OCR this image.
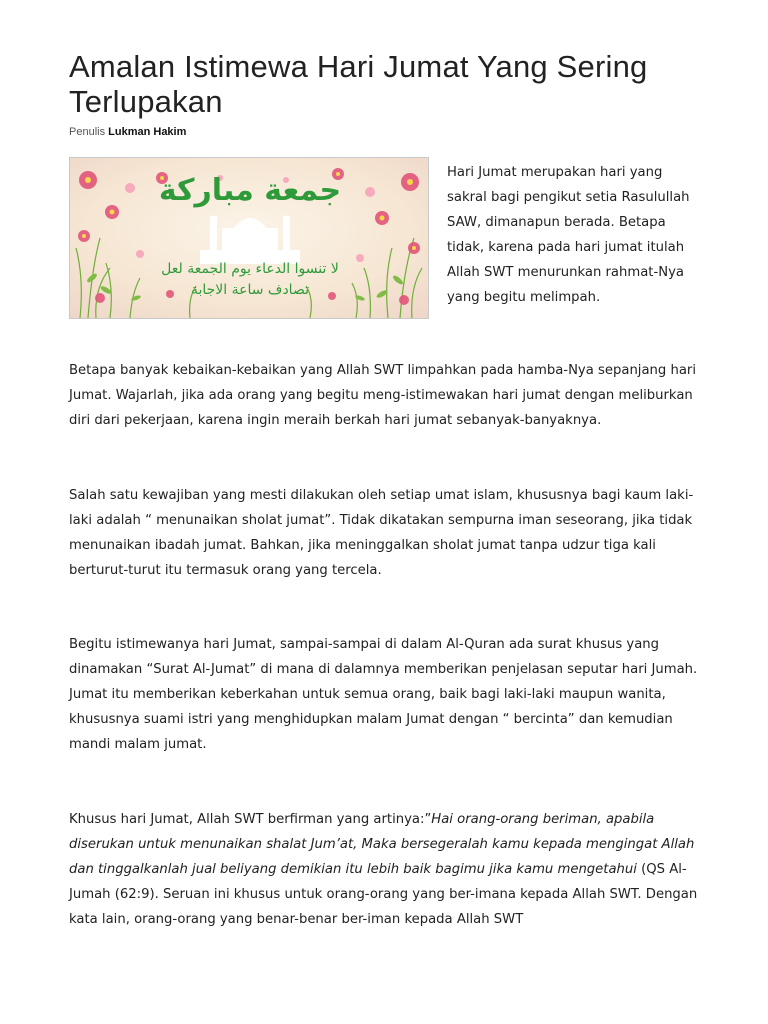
Amalan Istimewa Hari Jumat Yang Sering Terlupakan
Penulis Lukman Hakim
جمعة مباركة
لا تنسوا الدعاء يوم الجمعة لعل
تصادف ساعة الاجابة

Hari Jumat merupakan hari yang sakral bagi pengikut setia Rasulullah SAW, dimanapun berada. Betapa tidak, karena pada hari jumat itulah Allah SWT menurunkan rahmat-Nya yang begitu melimpah.

Betapa banyak kebaikan-kebaikan yang Allah SWT limpahkan pada hamba-Nya sepanjang hari Jumat. Wajarlah, jika ada orang yang begitu meng-istimewakan hari jumat dengan meliburkan diri dari pekerjaan, karena ingin meraih berkah hari jumat sebanyak-banyaknya.

Salah satu kewajiban yang mesti dilakukan oleh setiap umat islam, khususnya bagi kaum laki-laki adalah “ menunaikan sholat jumat”. Tidak dikatakan sempurna iman seseorang, jika tidak menunaikan ibadah jumat. Bahkan, jika meninggalkan sholat jumat tanpa udzur tiga kali berturut-turut itu termasuk orang yang tercela.

Begitu istimewanya hari Jumat, sampai-sampai di dalam Al-Quran ada surat khusus yang dinamakan “Surat Al-Jumat” di mana di dalamnya memberikan penjelasan seputar hari Jumah. Jumat itu memberikan keberkahan untuk semua orang, baik bagi laki-laki maupun wanita, khususnya suami istri yang menghidupkan malam Jumat dengan “ bercinta” dan kemudian mandi malam jumat.

Khusus hari Jumat, Allah SWT berfirman yang artinya:”Hai orang-orang beriman, apabila diserukan untuk menunaikan shalat Jum’at, Maka bersegeralah kamu kepada mengingat Allah dan tinggalkanlah jual beliyang demikian itu lebih baik bagimu jika kamu mengetahui (QS Al-Jumah (62:9). Seruan ini khusus untuk orang-orang yang ber-imana kepada Allah SWT. Dengan kata lain, orang-orang yang benar-benar ber-iman kepada Allah SWT
